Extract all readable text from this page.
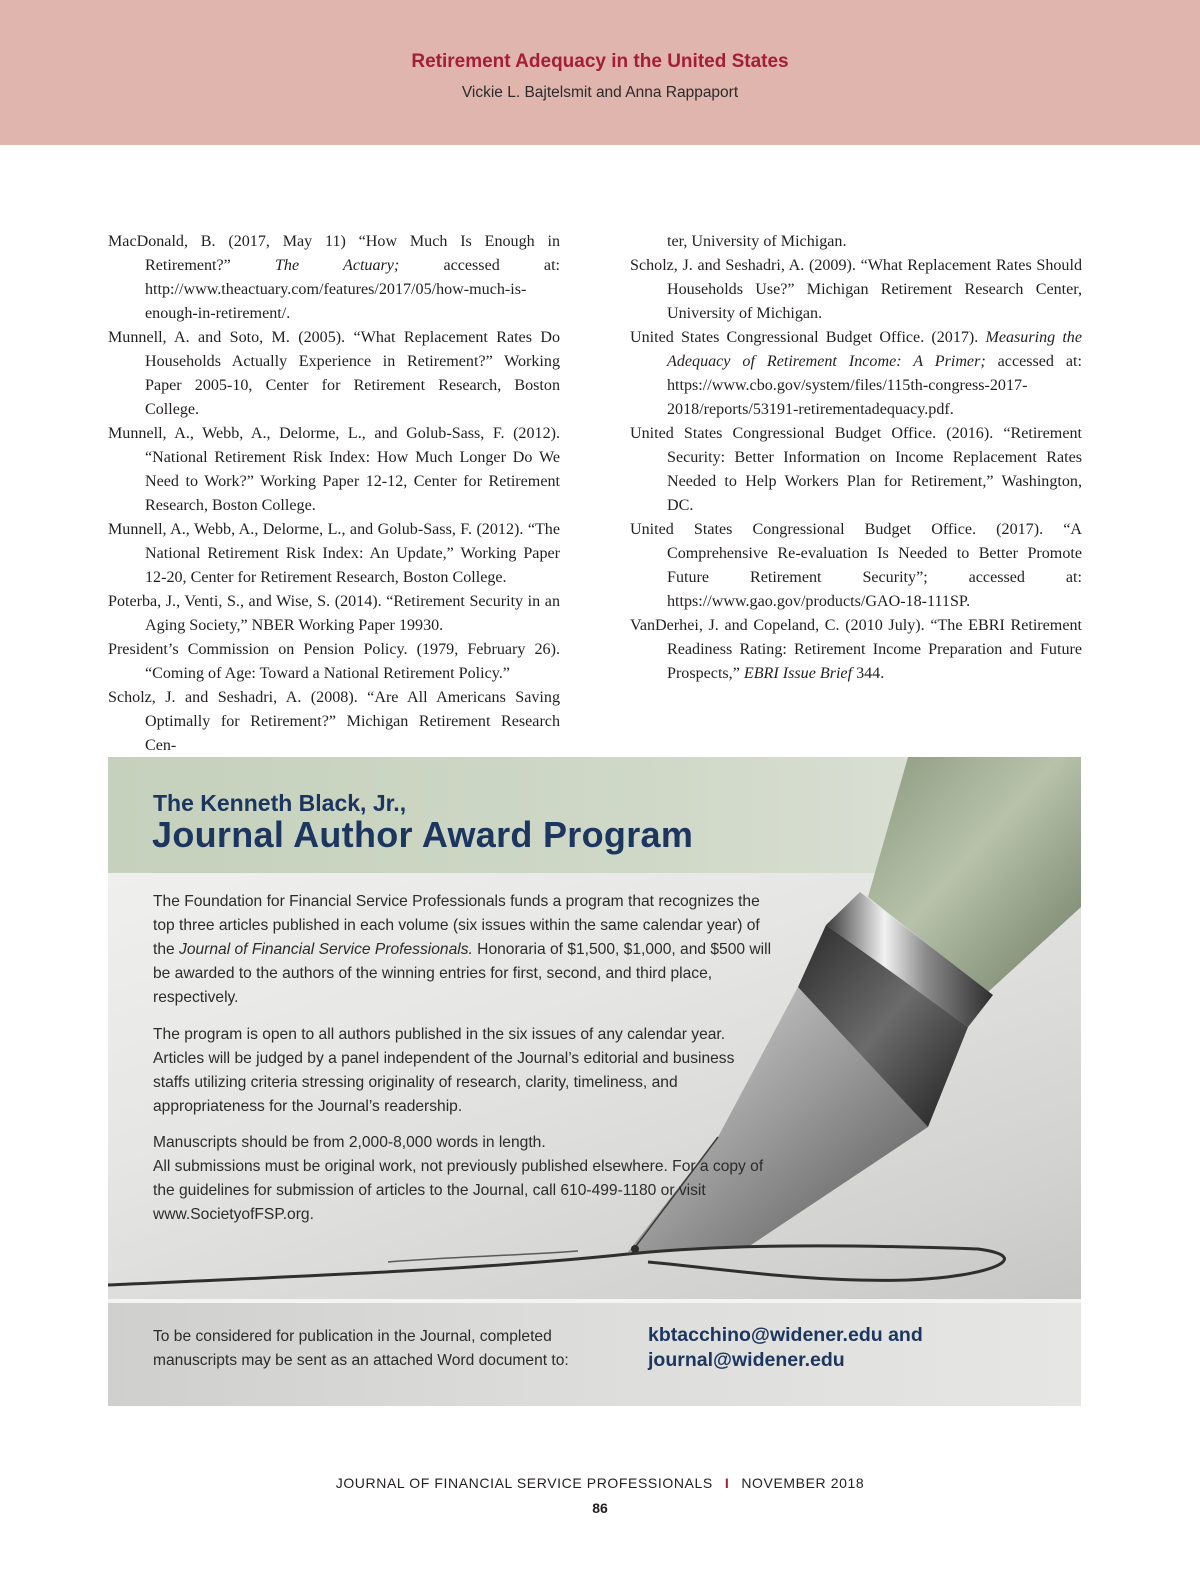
Retirement Adequacy in the United States
Vickie L. Bajtelsmit and Anna Rappaport
MacDonald, B. (2017, May 11) “How Much Is Enough in Retirement?” The Actuary; accessed at: http://www.theactuary.com/features/2017/05/how-much-is-enough-in-retirement/.
Munnell, A. and Soto, M. (2005). “What Replacement Rates Do Households Actually Experience in Retirement?” Working Paper 2005-10, Center for Retirement Research, Boston College.
Munnell, A., Webb, A., Delorme, L., and Golub-Sass, F. (2012). “National Retirement Risk Index: How Much Longer Do We Need to Work?” Working Paper 12-12, Center for Retirement Research, Boston College.
Munnell, A., Webb, A., Delorme, L., and Golub-Sass, F. (2012). “The National Retirement Risk Index: An Update,” Working Paper 12-20, Center for Retirement Research, Boston College.
Poterba, J., Venti, S., and Wise, S. (2014). “Retirement Security in an Aging Society,” NBER Working Paper 19930.
President’s Commission on Pension Policy. (1979, February 26). “Coming of Age: Toward a National Retirement Policy.”
Scholz, J. and Seshadri, A. (2008). “Are All Americans Saving Optimally for Retirement?” Michigan Retirement Research Cen-
ter, University of Michigan.
Scholz, J. and Seshadri, A. (2009). “What Replacement Rates Should Households Use?” Michigan Retirement Research Center, University of Michigan.
United States Congressional Budget Office. (2017). Measuring the Adequacy of Retirement Income: A Primer; accessed at: https://www.cbo.gov/system/files/115th-congress-2017-2018/reports/53191-retirementadequacy.pdf.
United States Congressional Budget Office. (2016). “Retirement Security: Better Information on Income Replacement Rates Needed to Help Workers Plan for Retirement,” Washington, DC.
United States Congressional Budget Office. (2017). “A Comprehensive Re-evaluation Is Needed to Better Promote Future Retirement Security”; accessed at: https://www.gao.gov/products/GAO-18-111SP.
VanDerhei, J. and Copeland, C. (2010 July). “The EBRI Retirement Readiness Rating: Retirement Income Preparation and Future Prospects,” EBRI Issue Brief 344.
The Kenneth Black, Jr.,
Journal Author Award Program
The Foundation for Financial Service Professionals funds a program that recognizes the top three articles published in each volume (six issues within the same calendar year) of the Journal of Financial Service Professionals. Honoraria of $1,500, $1,000, and $500 will be awarded to the authors of the winning entries for first, second, and third place, respectively.
The program is open to all authors published in the six issues of any calendar year. Articles will be judged by a panel independent of the Journal’s editorial and business staffs utilizing criteria stressing originality of research, clarity, timeliness, and appropriateness for the Journal’s readership.
Manuscripts should be from 2,000-8,000 words in length.
All submissions must be original work, not previously published elsewhere. For a copy of the guidelines for submission of articles to the Journal, call 610-499-1180 or visit www.SocietyofFSP.org.
To be considered for publication in the Journal, completed manuscripts may be sent as an attached Word document to:
kbtacchino@widener.edu and
journal@widener.edu
JOURNAL OF FINANCIAL SERVICE PROFESSIONALS I NOVEMBER 2018
86
